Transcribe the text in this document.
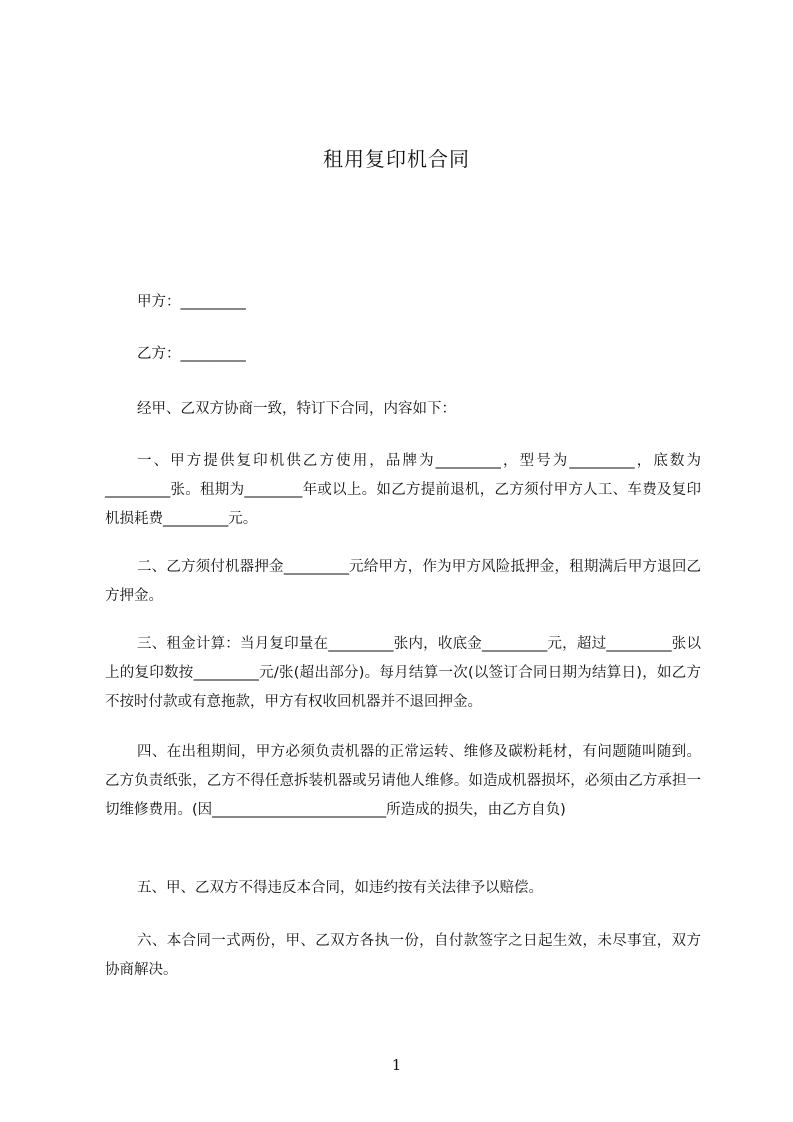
租用复印机合同

甲方：_________

乙方：_________

经甲、乙双方协商一致，特订下合同，内容如下：

一、甲方提供复印机供乙方使用，品牌为_________，型号为_________，底数为_________张。租期为________年或以上。如乙方提前退机，乙方须付甲方人工、车费及复印机损耗费_________元。

二、乙方须付机器押金_________元给甲方，作为甲方风险抵押金，租期满后甲方退回乙方押金。

三、租金计算：当月复印量在_________张内，收底金_________元，超过_________张以上的复印数按_________元/张(超出部分)。每月结算一次(以签订合同日期为结算日)，如乙方不按时付款或有意拖款，甲方有权收回机器并不退回押金。

四、在出租期间，甲方必须负责机器的正常运转、维修及碳粉耗材，有问题随叫随到。乙方负责纸张，乙方不得任意拆装机器或另请他人维修。如造成机器损坏，必须由乙方承担一切维修费用。(因________________________所造成的损失，由乙方自负)

五、甲、乙双方不得违反本合同，如违约按有关法律予以赔偿。

六、本合同一式两份，甲、乙双方各执一份，自付款签字之日起生效，未尽事宜，双方协商解决。

1
